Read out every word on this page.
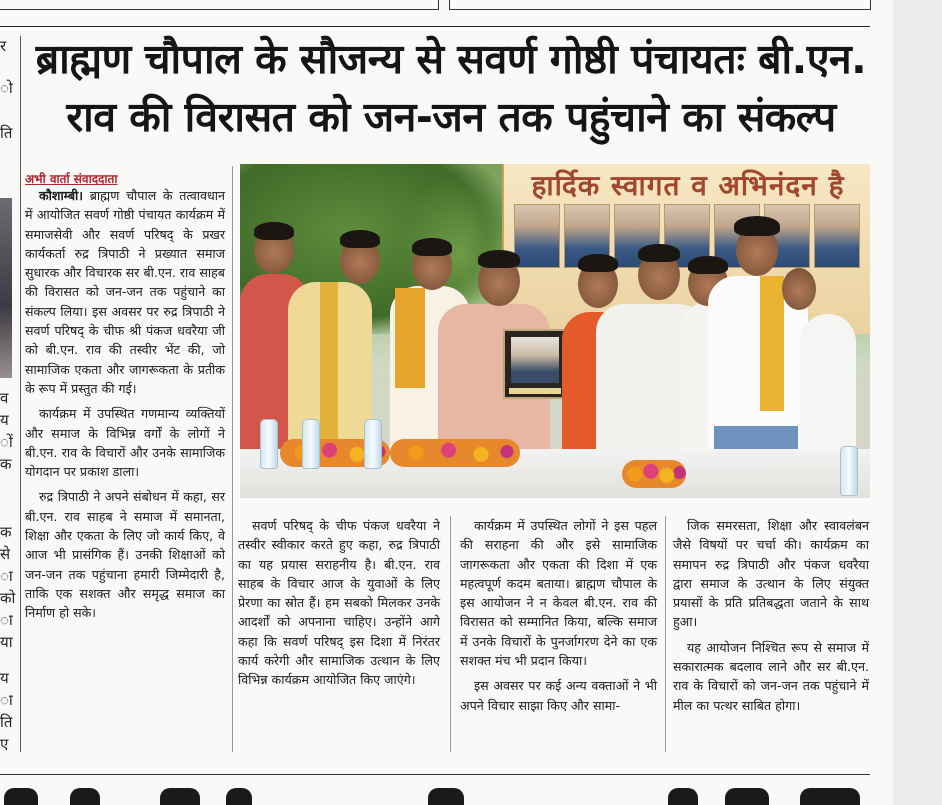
र
ो
ति
व
य
ों
क
क
से
ा
को
ा
या
य
ा
ति
ए
ब्राह्मण चौपाल के सौजन्य से सवर्ण गोष्ठी पंचायतः बी.एन. राव की विरासत को जन-जन तक पहुंचाने का संकल्प
अभी वार्ता संवाददाता

कौशाम्बी। ब्राह्मण चौपाल के तत्वावधान में आयोजित सवर्ण गोष्ठी पंचायत कार्यक्रम में समाजसेवी और सवर्ण परिषद् के प्रखर कार्यकर्ता रुद्र त्रिपाठी ने प्रख्यात समाज सुधारक और विचारक सर बी.एन. राव साहब की विरासत को जन-जन तक पहुंचाने का संकल्प लिया। इस अवसर पर रुद्र त्रिपाठी ने सवर्ण परिषद् के चीफ श्री पंकज धवरैया जी को बी.एन. राव की तस्वीर भेंट की, जो सामाजिक एकता और जागरूकता के प्रतीक के रूप में प्रस्तुत की गई।

कार्यक्रम में उपस्थित गणमान्य व्यक्तियों और समाज के विभिन्न वर्गों के लोगों ने बी.एन. राव के विचारों और उनके सामाजिक योगदान पर प्रकाश डाला।

रुद्र त्रिपाठी ने अपने संबोधन में कहा, सर बी.एन. राव साहब ने समाज में समानता, शिक्षा और एकता के लिए जो कार्य किए, वे आज भी प्रासंगिक हैं। उनकी शिक्षाओं को जन-जन तक पहुंचाना हमारी जिम्मेदारी है, ताकि एक सशक्त और समृद्ध समाज का निर्माण हो सके।

हार्दिक स्वागत व अभिनंदन है

सवर्ण परिषद् के चीफ पंकज धवरैया ने तस्वीर स्वीकार करते हुए कहा, रुद्र त्रिपाठी का यह प्रयास सराहनीय है। बी.एन. राव साहब के विचार आज के युवाओं के लिए प्रेरणा का स्रोत हैं। हम सबको मिलकर उनके आदर्शों को अपनाना चाहिए। उन्होंने आगे कहा कि सवर्ण परिषद् इस दिशा में निरंतर कार्य करेगी और सामाजिक उत्थान के लिए विभिन्न कार्यक्रम आयोजित किए जाएंगे।

कार्यक्रम में उपस्थित लोगों ने इस पहल की सराहना की और इसे सामाजिक जागरूकता और एकता की दिशा में एक महत्वपूर्ण कदम बताया। ब्राह्मण चौपाल के इस आयोजन ने न केवल बी.एन. राव की विरासत को सम्मानित किया, बल्कि समाज में उनके विचारों के पुनर्जागरण देने का एक सशक्त मंच भी प्रदान किया।

इस अवसर पर कई अन्य वक्ताओं ने भी अपने विचार साझा किए और सामा-

जिक समरसता, शिक्षा और स्वावलंबन जैसे विषयों पर चर्चा की। कार्यक्रम का समापन रुद्र त्रिपाठी और पंकज धवरैया द्वारा समाज के उत्थान के लिए संयुक्त प्रयासों के प्रति प्रतिबद्धता जताने के साथ हुआ।

यह आयोजन निश्चित रूप से समाज में सकारात्मक बदलाव लाने और सर बी.एन. राव के विचारों को जन-जन तक पहुंचाने में मील का पत्थर साबित होगा।
